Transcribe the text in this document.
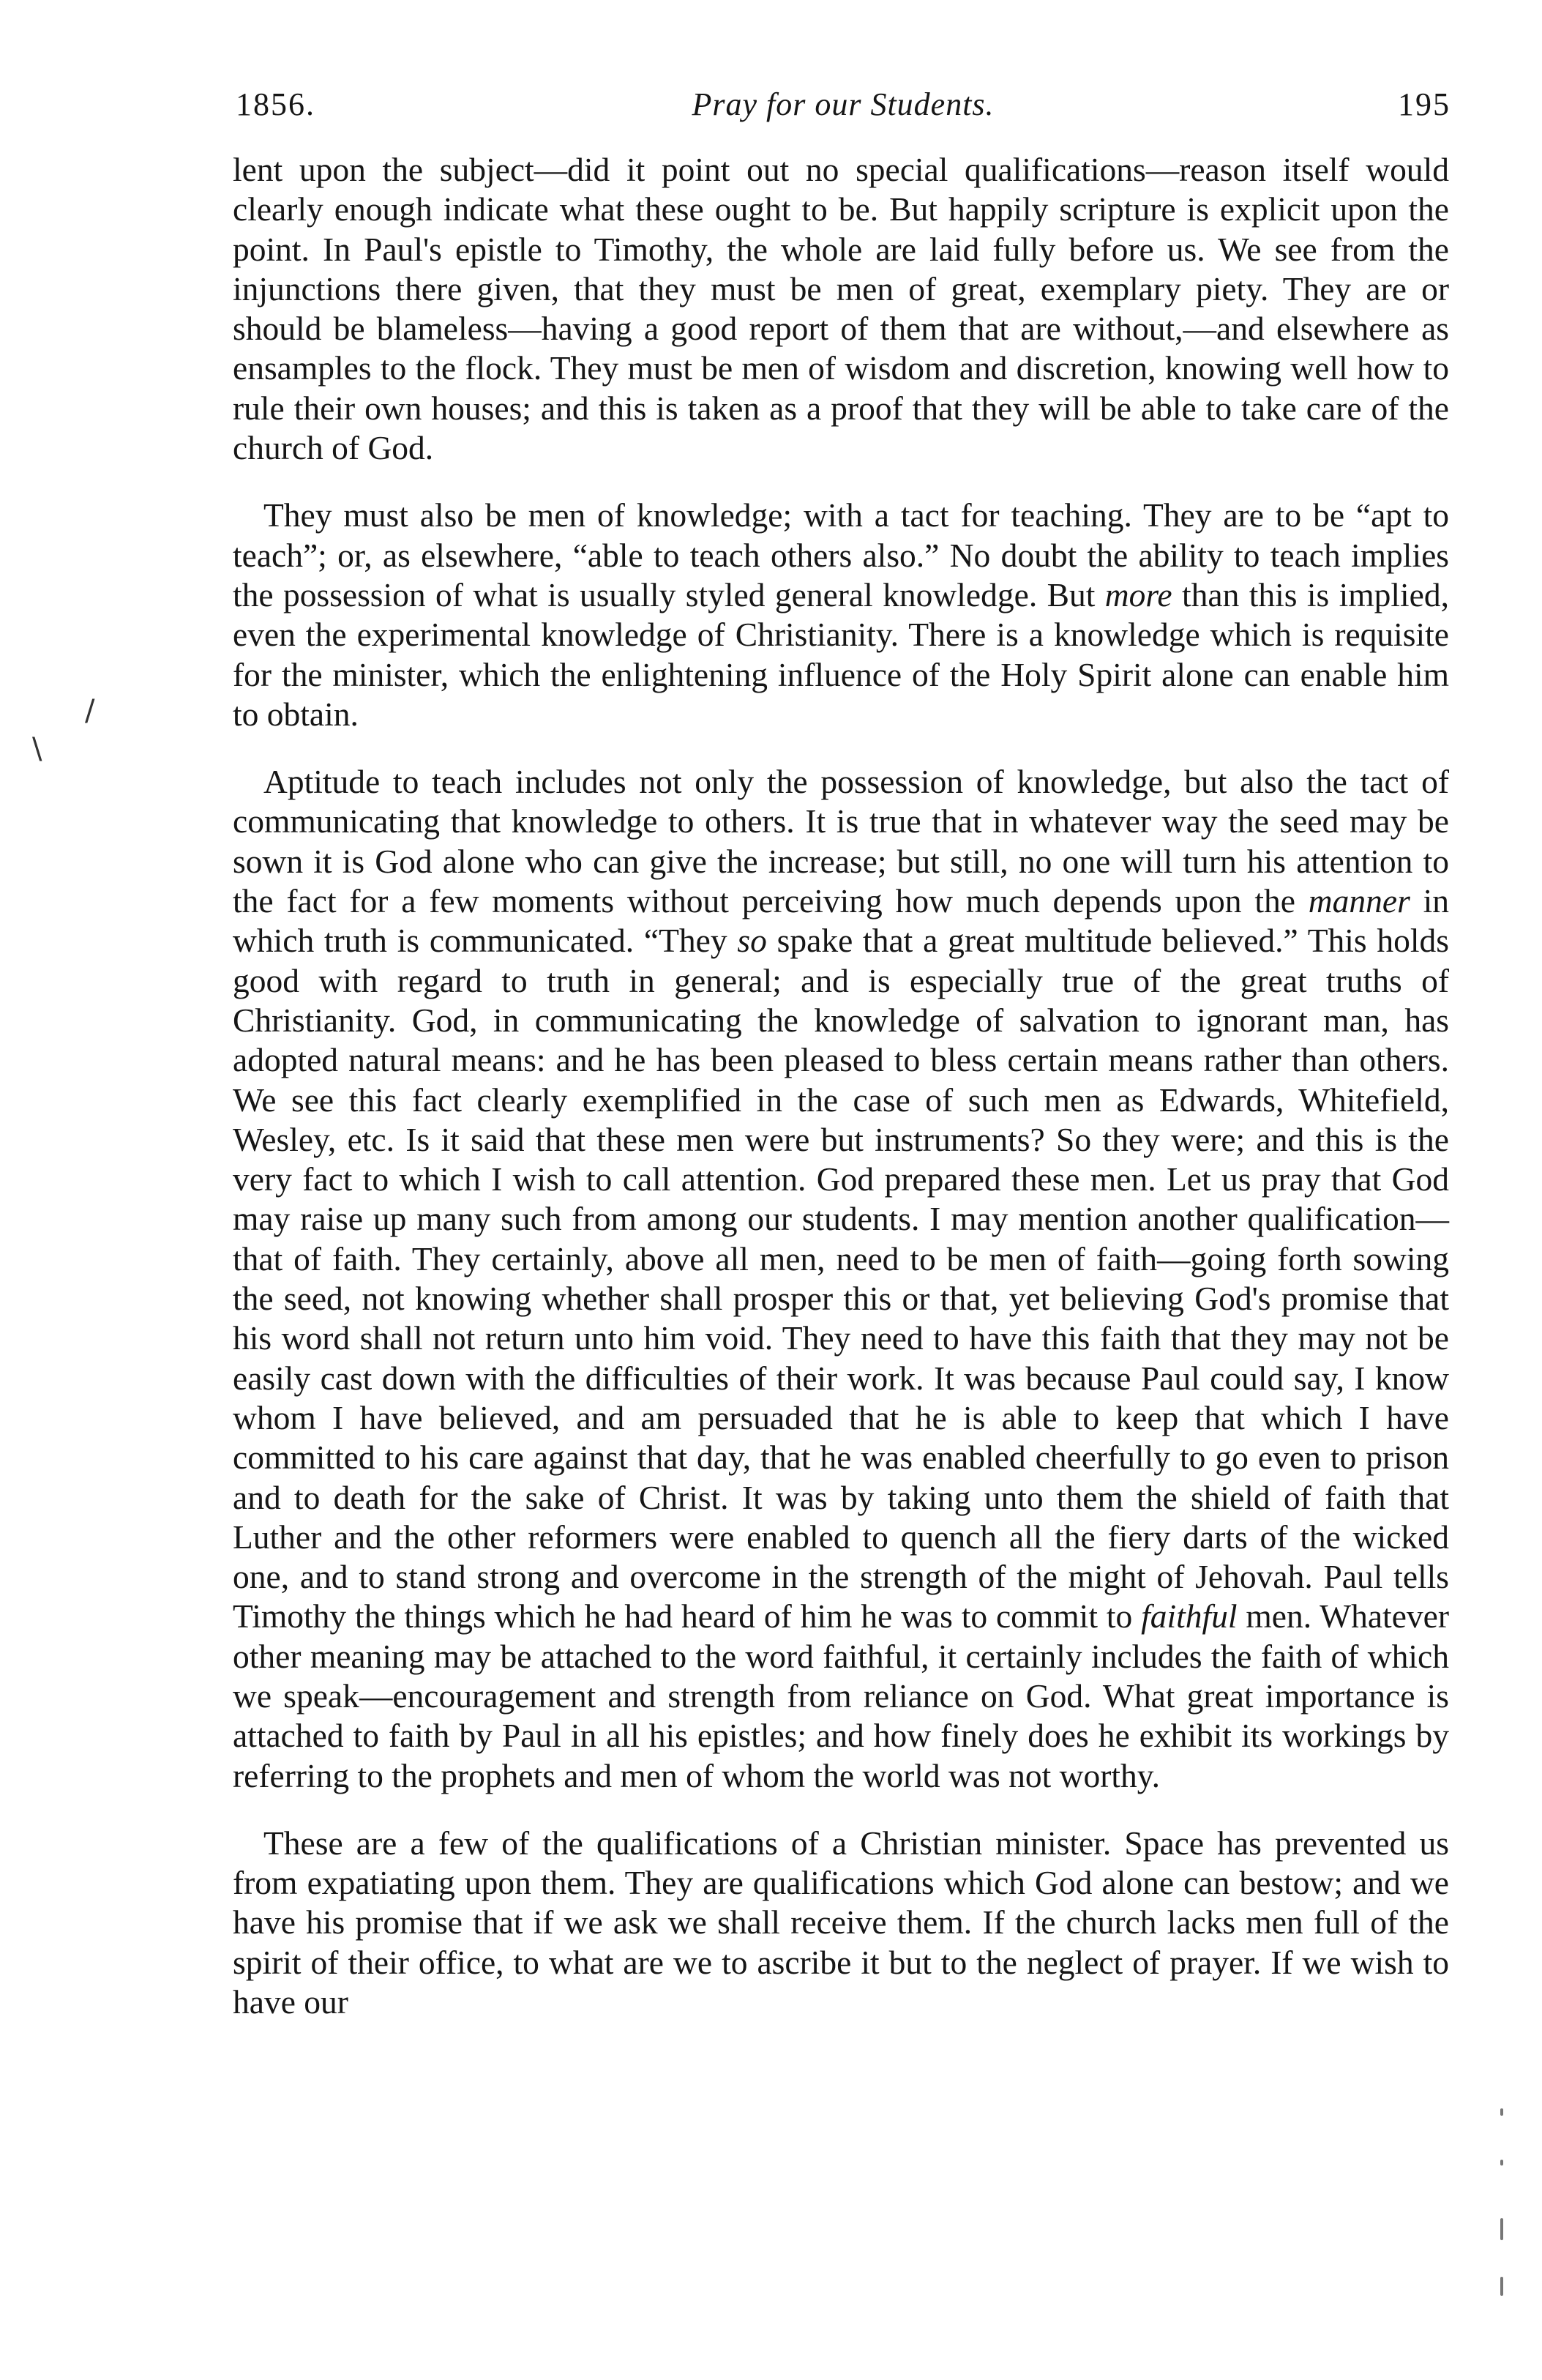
1856.	Pray for our Students.	195

lent upon the subject—did it point out no special qualifications—reason itself would clearly enough indicate what these ought to be. But happily scripture is explicit upon the point. In Paul's epistle to Timothy, the whole are laid fully before us. We see from the injunctions there given, that they must be men of great, exemplary piety. They are or should be blameless—having a good report of them that are without,—and elsewhere as ensamples to the flock. They must be men of wisdom and discretion, knowing well how to rule their own houses; and this is taken as a proof that they will be able to take care of the church of God.

They must also be men of knowledge; with a tact for teaching. They are to be “apt to teach”; or, as elsewhere, “able to teach others also.” No doubt the ability to teach implies the possession of what is usually styled general knowledge. But more than this is implied, even the experimental knowledge of Christianity. There is a knowledge which is requisite for the minister, which the enlightening influence of the Holy Spirit alone can enable him to obtain.

Aptitude to teach includes not only the possession of knowledge, but also the tact of communicating that knowledge to others. It is true that in whatever way the seed may be sown it is God alone who can give the increase; but still, no one will turn his attention to the fact for a few moments without perceiving how much depends upon the manner in which truth is communicated. “They so spake that a great multitude believed.” This holds good with regard to truth in general; and is especially true of the great truths of Christianity. God, in communicating the knowledge of salvation to ignorant man, has adopted natural means: and he has been pleased to bless certain means rather than others. We see this fact clearly exemplified in the case of such men as Edwards, Whitefield, Wesley, etc. Is it said that these men were but instruments? So they were; and this is the very fact to which I wish to call attention. God prepared these men. Let us pray that God may raise up many such from among our students. I may mention another qualification—that of faith. They certainly, above all men, need to be men of faith—going forth sowing the seed, not knowing whether shall prosper this or that, yet believing God's promise that his word shall not return unto him void. They need to have this faith that they may not be easily cast down with the difficulties of their work. It was because Paul could say, I know whom I have believed, and am persuaded that he is able to keep that which I have committed to his care against that day, that he was enabled cheerfully to go even to prison and to death for the sake of Christ. It was by taking unto them the shield of faith that Luther and the other reformers were enabled to quench all the fiery darts of the wicked one, and to stand strong and overcome in the strength of the might of Jehovah. Paul tells Timothy the things which he had heard of him he was to commit to faithful men. Whatever other meaning may be attached to the word faithful, it certainly includes the faith of which we speak—encouragement and strength from reliance on God. What great importance is attached to faith by Paul in all his epistles; and how finely does he exhibit its workings by referring to the prophets and men of whom the world was not worthy.

These are a few of the qualifications of a Christian minister. Space has prevented us from expatiating upon them. They are qualifications which God alone can bestow; and we have his promise that if we ask we shall receive them. If the church lacks men full of the spirit of their office, to what are we to ascribe it but to the neglect of prayer. If we wish to have our

/
\
